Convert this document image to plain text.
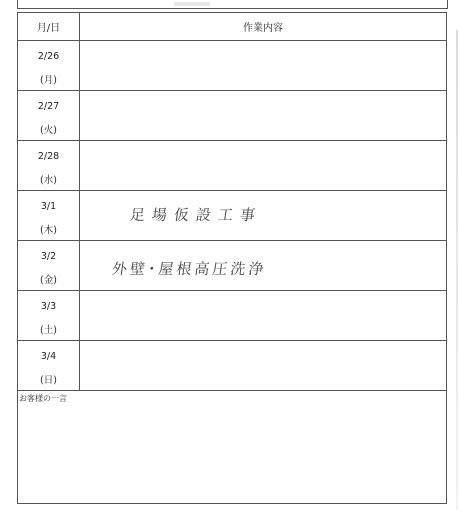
月/日	作業内容

2/26
(月)	

2/27
(火)	

2/28
(水)	

3/1
(木)	足場仮設工事

3/2
(金)	外壁･屋根高圧洗浄

3/3
(土)	

3/4
(日)	

お客様の一言	
